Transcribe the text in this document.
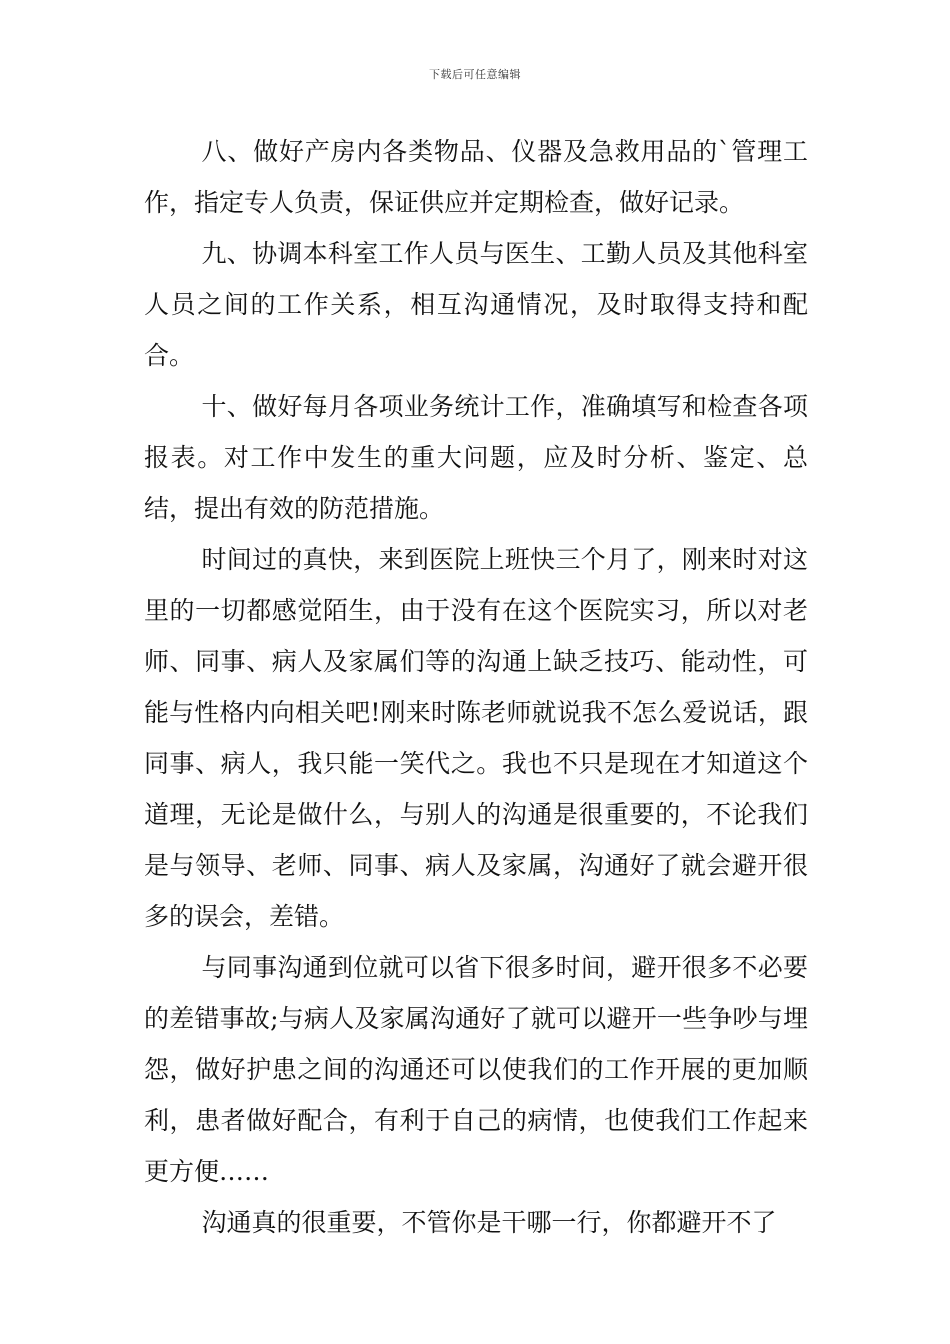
下载后可任意编辑

八、做好产房内各类物品、仪器及急救用品的`管理工作，指定专人负责，保证供应并定期检查，做好记录。

九、协调本科室工作人员与医生、工勤人员及其他科室人员之间的工作关系，相互沟通情况，及时取得支持和配合。

十、做好每月各项业务统计工作，准确填写和检查各项报表。对工作中发生的重大问题，应及时分析、鉴定、总结，提出有效的防范措施。

时间过的真快，来到医院上班快三个月了，刚来时对这里的一切都感觉陌生，由于没有在这个医院实习，所以对老师、同事、病人及家属们等的沟通上缺乏技巧、能动性，可能与性格内向相关吧!刚来时陈老师就说我不怎么爱说话，跟同事、病人，我只能一笑代之。我也不只是现在才知道这个道理，无论是做什么，与别人的沟通是很重要的，不论我们是与领导、老师、同事、病人及家属，沟通好了就会避开很多的误会，差错。

与同事沟通到位就可以省下很多时间，避开很多不必要的差错事故;与病人及家属沟通好了就可以避开一些争吵与埋怨，做好护患之间的沟通还可以使我们的工作开展的更加顺利，患者做好配合，有利于自己的病情，也使我们工作起来更方便……

沟通真的很重要，不管你是干哪一行，你都避开不了
